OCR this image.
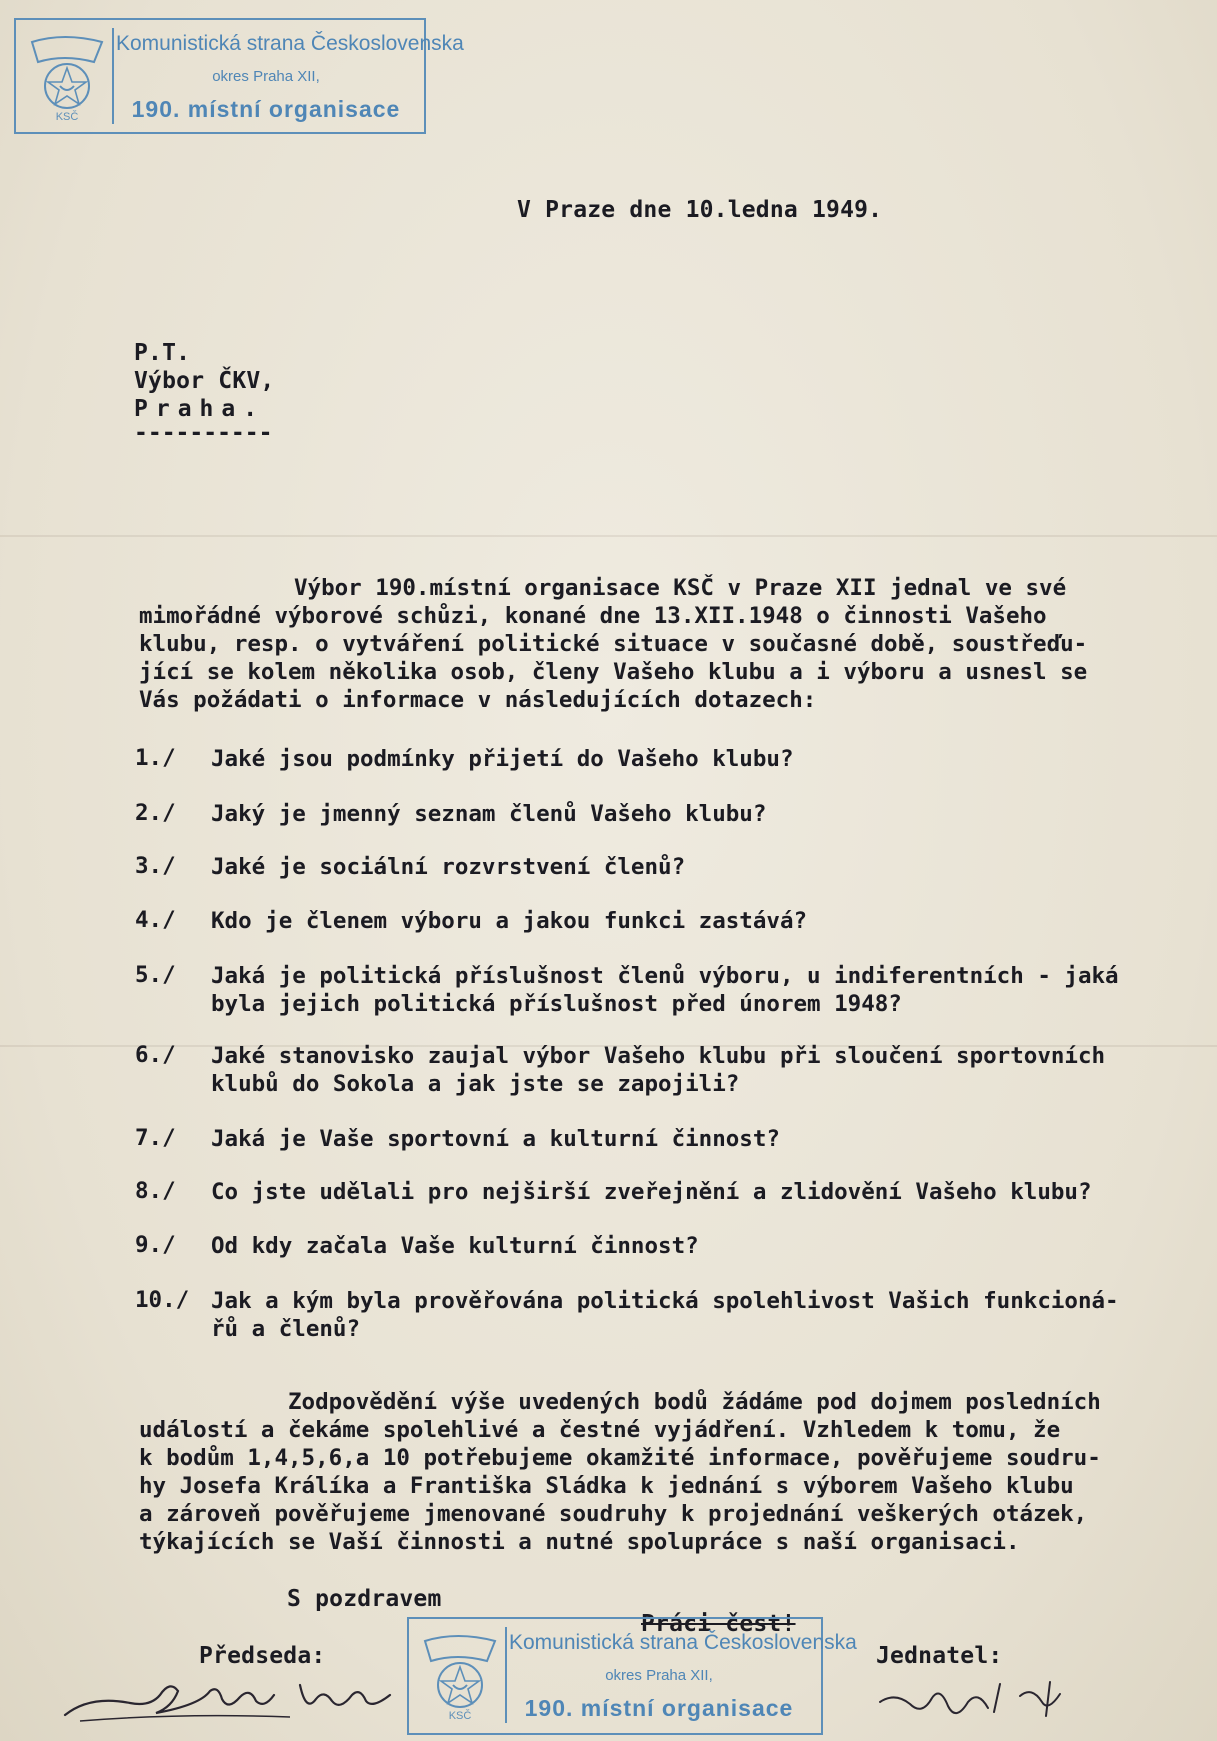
KSČ
Komunistická strana Československa
okres Praha XII,
190. místní organisace
V Praze dne 10.ledna 1949.
P.T.
Výbor ČKV,
Praha.
----------
Výbor 190.místní organisace KSČ v Praze XII jednal ve své
mimořádné výborové schůzi, konané dne 13.XII.1948 o činnosti Vašeho
klubu, resp. o vytváření politické situace v současné době, soustřeďu-
jící se kolem několika osob, členy Vašeho klubu a i výboru a usnesl se
Vás požádati o informace v následujících dotazech:
1./ Jaké jsou podmínky přijetí do Vašeho klubu?
2./ Jaký je jmenný seznam členů Vašeho klubu?
3./ Jaké je sociální rozvrstvení členů?
4./ Kdo je členem výboru a jakou funkci zastává?
5./ Jaká je politická příslušnost členů výboru, u indiferentních - jaká
byla jejich politická příslušnost před únorem 1948?
6./ Jaké stanovisko zaujal výbor Vašeho klubu při sloučení sportovních
klubů do Sokola a jak jste se zapojili?
7./ Jaká je Vaše sportovní a kulturní činnost?
8./ Co jste udělali pro nejširší zveřejnění a zlidovění Vašeho klubu?
9./ Od kdy začala Vaše kulturní činnost?
10./ Jak a kým byla prověřována politická spolehlivost Vašich funkcioná-
řů a členů?
Zodpovědění výše uvedených bodů žádáme pod dojmem posledních
událostí a čekáme spolehlivé a čestné vyjádření. Vzhledem k tomu, že
k bodům 1,4,5,6,a 10 potřebujeme okamžité informace, pověřujeme soudru-
hy Josefa Králíka a Františka Sládka k jednání s výborem Vašeho klubu
a zároveň pověřujeme jmenované soudruhy k projednání veškerých otázek,
týkajících se Vaší činnosti a nutné spolupráce s naší organisaci.
S pozdravem
Práci čest!
Předseda:	Jednatel:
KSČ
Komunistická strana Československa
okres Praha XII,
190. místní organisace
